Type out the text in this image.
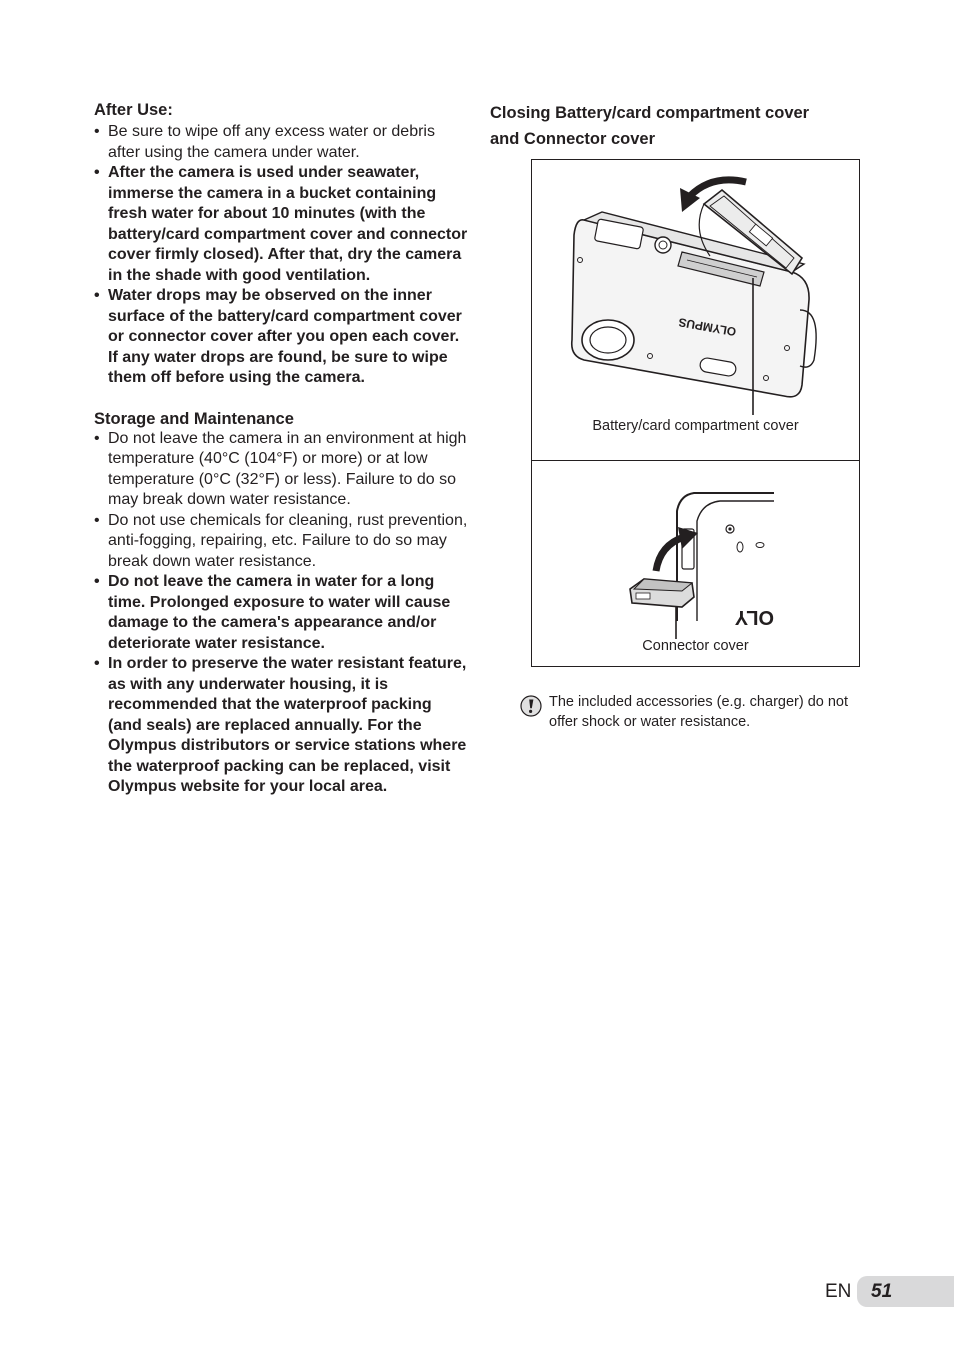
After Use:
• Be sure to wipe off any excess water or debris after using the camera under water.
• After the camera is used under seawater, immerse the camera in a bucket containing fresh water for about 10 minutes (with the battery/card compartment cover and connector cover firmly closed). After that, dry the camera in the shade with good ventilation.
• Water drops may be observed on the inner surface of the battery/card compartment cover or connector cover after you open each cover. If any water drops are found, be sure to wipe them off before using the camera.
Storage and Maintenance
• Do not leave the camera in an environment at high temperature (40°C (104°F) or more) or at low temperature (0°C (32°F) or less). Failure to do so may break down water resistance.
• Do not use chemicals for cleaning, rust prevention, anti-fogging, repairing, etc. Failure to do so may break down water resistance.
• Do not leave the camera in water for a long time. Prolonged exposure to water will cause damage to the camera's appearance and/or deteriorate water resistance.
• In order to preserve the water resistant feature, as with any underwater housing, it is recommended that the waterproof packing (and seals) are replaced annually. For the Olympus distributors or service stations where the waterproof packing can be replaced, visit Olympus website for your local area.

Closing Battery/card compartment cover
and Connector cover

OLYMPUS
Battery/card compartment cover
OLY
Connector cover
The included accessories (e.g. charger) do not offer shock or water resistance.
EN 51
